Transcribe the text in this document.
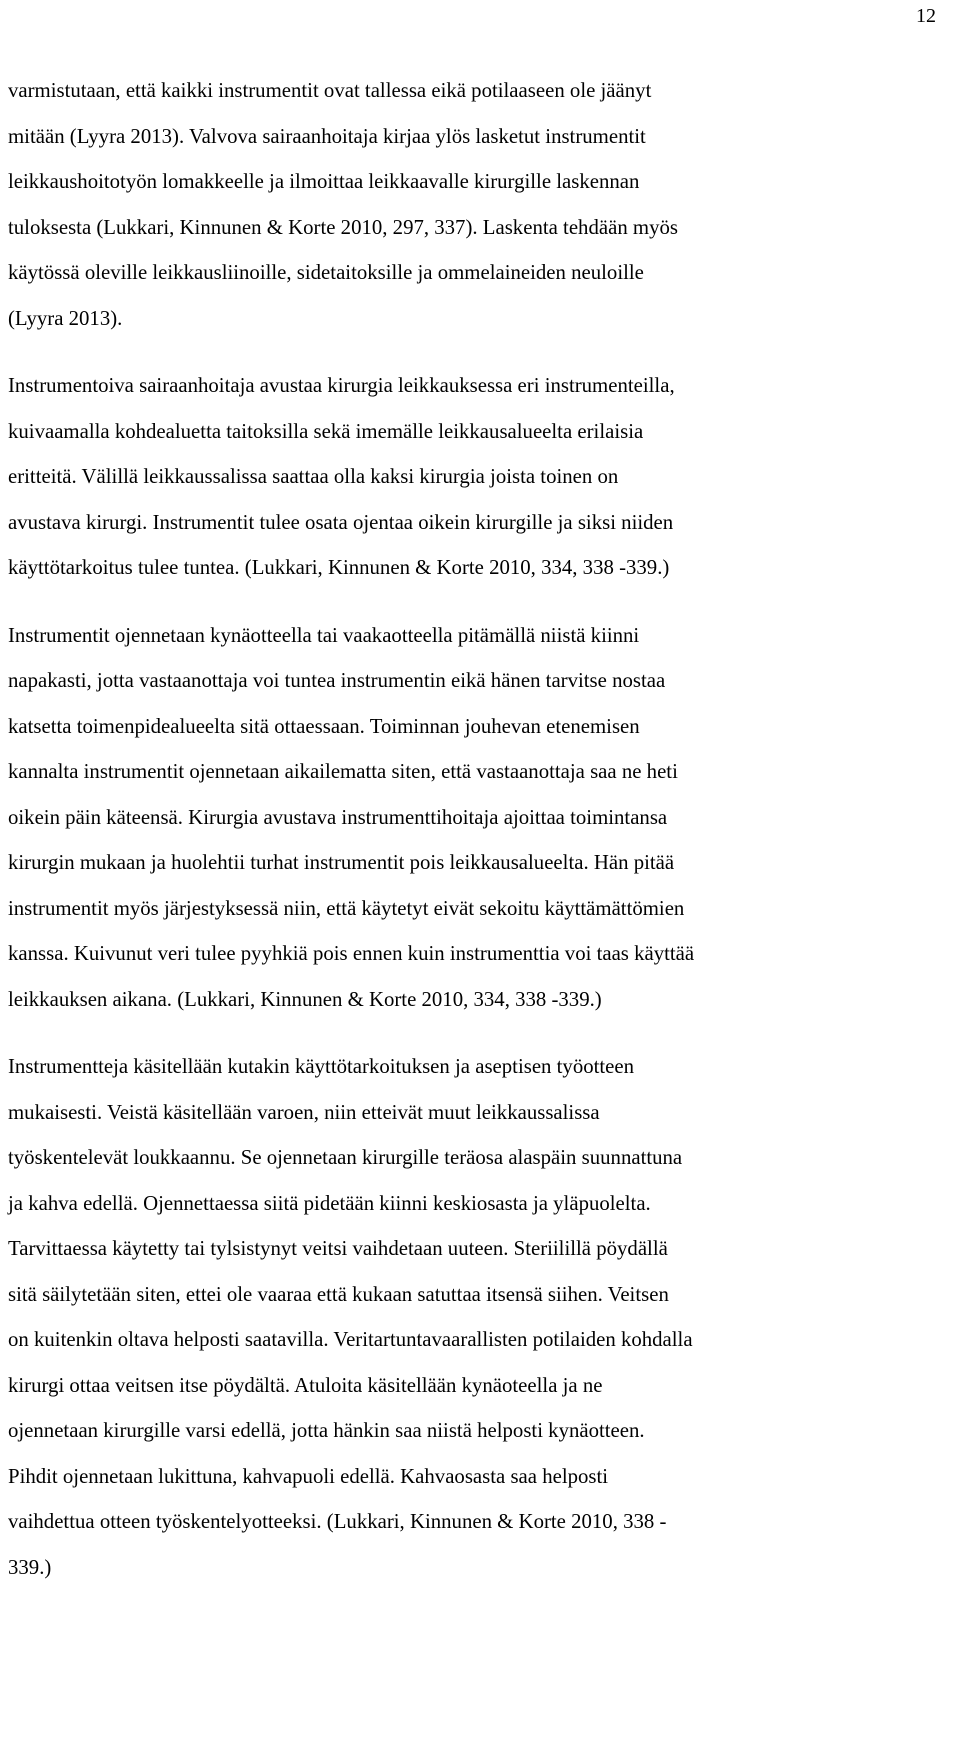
12

varmistutaan, että kaikki instrumentit ovat tallessa eikä potilaaseen ole jäänyt
mitään (Lyyra 2013). Valvova sairaanhoitaja kirjaa ylös lasketut instrumentit
leikkaushoitotyön lomakkeelle ja ilmoittaa leikkaavalle kirurgille laskennan
tuloksesta (Lukkari, Kinnunen & Korte 2010, 297, 337). Laskenta tehdään myös
käytössä oleville leikkausliinoille, sidetaitoksille ja ommelaineiden neuloille
(Lyyra 2013).

Instrumentoiva sairaanhoitaja avustaa kirurgia leikkauksessa eri instrumenteilla,
kuivaamalla kohdealuetta taitoksilla sekä imemälle leikkausalueelta erilaisia
eritteitä. Välillä leikkaussalissa saattaa olla kaksi kirurgia joista toinen on
avustava kirurgi. Instrumentit tulee osata ojentaa oikein kirurgille ja siksi niiden
käyttötarkoitus tulee tuntea. (Lukkari, Kinnunen & Korte 2010, 334, 338 -339.)

Instrumentit ojennetaan kynäotteella tai vaakaotteella pitämällä niistä kiinni
napakasti, jotta vastaanottaja voi tuntea instrumentin eikä hänen tarvitse nostaa
katsetta toimenpidealueelta sitä ottaessaan. Toiminnan jouhevan etenemisen
kannalta instrumentit ojennetaan aikailematta siten, että vastaanottaja saa ne heti
oikein päin käteensä. Kirurgia avustava instrumenttihoitaja ajoittaa toimintansa
kirurgin mukaan ja huolehtii turhat instrumentit pois leikkausalueelta. Hän pitää
instrumentit myös järjestyksessä niin, että käytetyt eivät sekoitu käyttämättömien
kanssa. Kuivunut veri tulee pyyhkiä pois ennen kuin instrumenttia voi taas käyttää
leikkauksen aikana. (Lukkari, Kinnunen & Korte 2010, 334, 338 -339.)

Instrumentteja käsitellään kutakin käyttötarkoituksen ja aseptisen työotteen
mukaisesti. Veistä käsitellään varoen, niin etteivät muut leikkaussalissa
työskentelevät loukkaannu. Se ojennetaan kirurgille teräosa alaspäin suunnattuna
ja kahva edellä. Ojennettaessa siitä pidetään kiinni keskiosasta ja yläpuolelta.
Tarvittaessa käytetty tai tylsistynyt veitsi vaihdetaan uuteen. Steriilillä pöydällä
sitä säilytetään siten, ettei ole vaaraa että kukaan satuttaa itsensä siihen. Veitsen
on kuitenkin oltava helposti saatavilla. Veritartuntavaarallisten potilaiden kohdalla
kirurgi ottaa veitsen itse pöydältä. Atuloita käsitellään kynäoteella ja ne
ojennetaan kirurgille varsi edellä, jotta hänkin saa niistä helposti kynäotteen.
Pihdit ojennetaan lukittuna, kahvapuoli edellä. Kahvaosasta saa helposti
vaihdettua otteen työskentelyotteeksi. (Lukkari, Kinnunen & Korte 2010, 338 -
339.)
